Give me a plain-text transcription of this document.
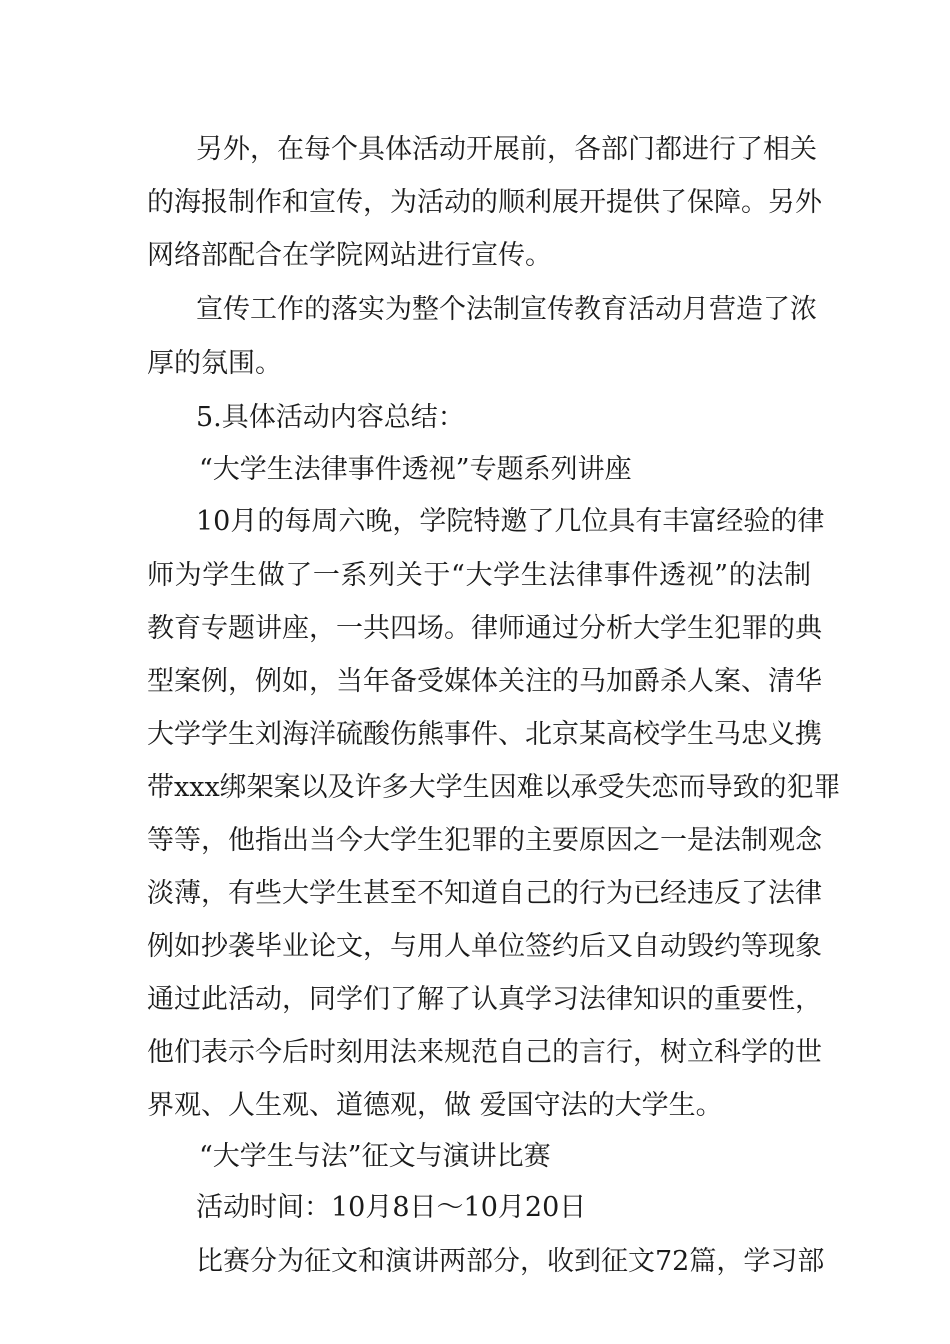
另外，在每个具体活动开展前，各部门都进行了相关
的海报制作和宣传，为活动的顺利展开提供了保障。另外
网络部配合在学院网站进行宣传。
宣传工作的落实为整个法制宣传教育活动月营造了浓
厚的氛围。
5.具体活动内容总结：
“大学生法律事件透视”专题系列讲座
10月的每周六晚，学院特邀了几位具有丰富经验的律
师为学生做了一系列关于“大学生法律事件透视”的法制
教育专题讲座，一共四场。律师通过分析大学生犯罪的典
型案例，例如，当年备受媒体关注的马加爵杀人案、清华
大学学生刘海洋硫酸伤熊事件、北京某高校学生马忠义携
带xxx绑架案以及许多大学生因难以承受失恋而导致的犯罪
等等，他指出当今大学生犯罪的主要原因之一是法制观念
淡薄，有些大学生甚至不知道自己的行为已经违反了法律
例如抄袭毕业论文，与用人单位签约后又自动毁约等现象
通过此活动，同学们了解了认真学习法律知识的重要性，
他们表示今后时刻用法来规范自己的言行，树立科学的世
界观、人生观、道德观，做 爱国守法的大学生。
“大学生与法”征文与演讲比赛
活动时间：10月8日～10月20日
比赛分为征文和演讲两部分，收到征文72篇，学习部
